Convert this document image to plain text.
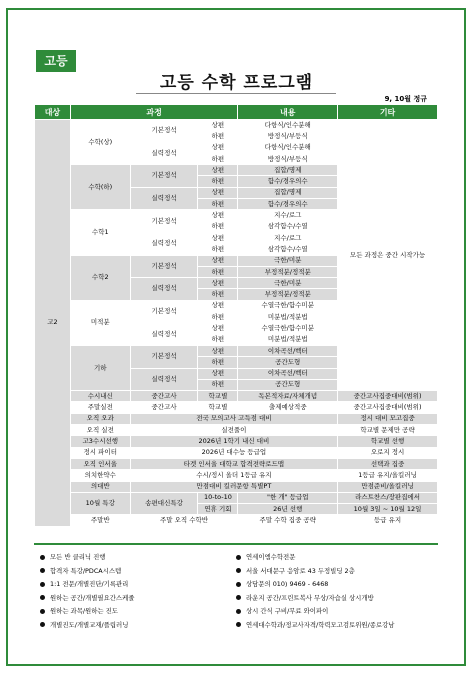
고등
고등 수학 프로그램
9, 10월 정규
대상	과정			내용	기타
고2	수학(상)	기본정석	상편	다항식/인수분해	모든 과정은 중간 시작가능
			하편	방정식/부등식	
		실력정석	상편	다항식/인수분해	
			하편	방정식/부등식	
	수학(하)	기본정석	상편	집합/명제	
			하편	함수/경우의수	
		실력정석	상편	집합/명제	
			하편	함수/경우의수	
	수학1	기본정석	상편	지수/로그	
			하편	삼각함수/수열	
		실력정석	상편	지수/로그	
			하편	삼각함수/수열	
	수학2	기본정석	상편	극한/미분	
			하편	부정적분/정적분	
		실력정석	상편	극한/미분	
			하편	부정적분/정적분	
	미적분	기본정석	상편	수열극한/함수미분	
			하편	미분법/적분법	
		실력정석	상편	수열극한/함수미분	
			하편	미분법/적분법	
	기하	기본정석	상편	이차곡선/벡터	
			하편	공간도형	
		실력정석	상편	이차곡선/벡터	
			하편	공간도형	
	수시내신	중간고사	학교별	독본적자료/자체개념	중간고사집중대비(범위)
	주말실전	중간고사	학교별	출제예상적중	중간고사집중대비(범위)
	오직 오과	전국 모의고사 고득점 대비			정시 대비 모고집중
	오직 실전	실전풀이			학교별 문제만 공략
	고3수시선행	2026년 1학기 내신 대비			학교별 선행
	정시 파이터	2026년 대수능 등급업			오로지 정시
	오직 인서울	타겟 인서울 대학교 합격전략로드맵			선택과 집중
	의치한약수	수시/정시 올더 1등급 유지			1등급 유지/올킬러닝
	의대반	만점대비 킬러문항 특별PT			만점준비/올킬러닝
	10월 특강	송편대신특강	10-to-10	"한 개" 등급업	라스트찬스/장판집에서
			연휴 기회	26년 선행	10월 3일 ~ 10월 12일
	주말반	주말 오직 수학반		주말 수학 집중 공략	등급 유지
모든 반 클리닉 진행
합격자 특강/PDCA시스템
1:1 전문/개별진단/기록관리
원하는 공간/개별필요간스케줄
원하는 과목/원하는 진도
개별진도/개별교재/플립러닝
연세이엠수학전문
서울 서대문구 응암로 43 두정빌딩 2층
상담문의 010) 9469 - 6468
라운지 공간/프린트복사 무상/자습실 상시개방
상시 간식 구비/무료 와이파이
연세대수학과/정교사자격/학력모고검토위원/종로강남
